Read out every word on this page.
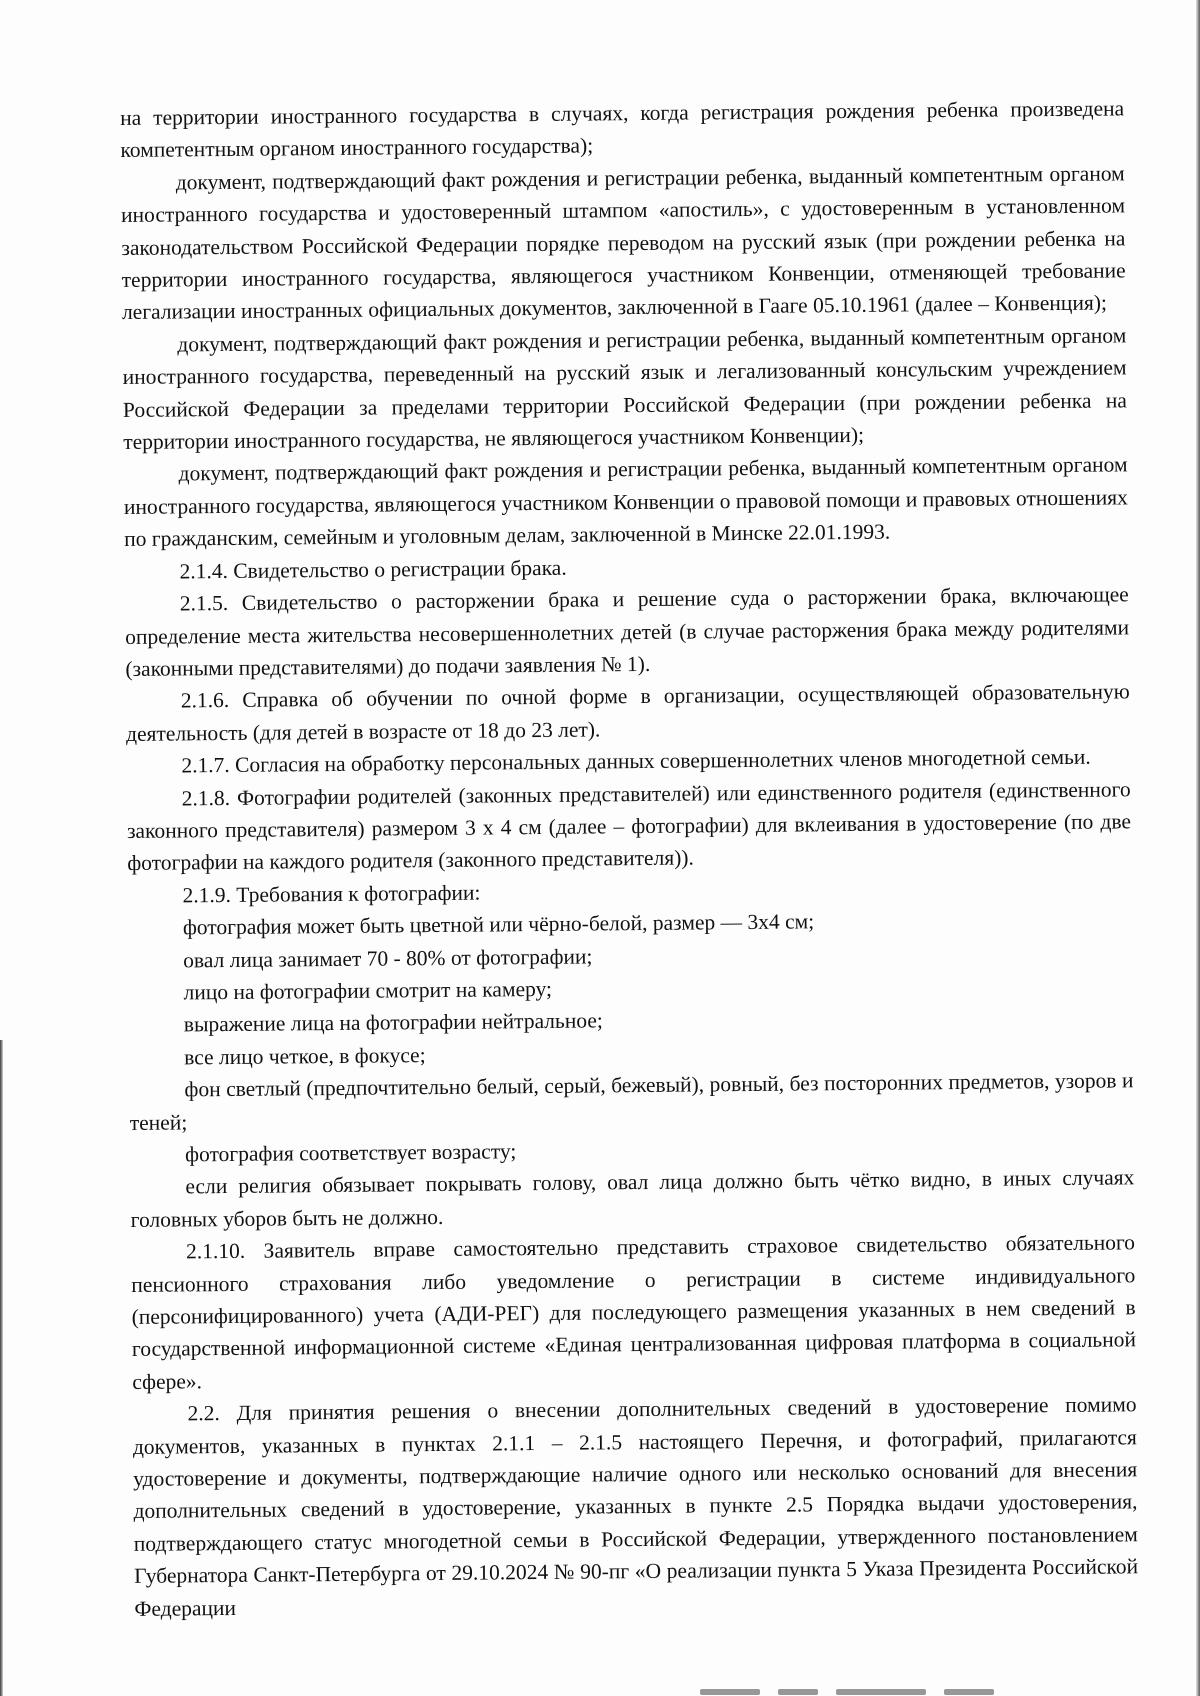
на территории иностранного государства в случаях, когда регистрация рождения ребенка произведена компетентным органом иностранного государства);

документ, подтверждающий факт рождения и регистрации ребенка, выданный компетентным органом иностранного государства и удостоверенный штампом «апостиль», с удостоверенным в установленном законодательством Российской Федерации порядке переводом на русский язык (при рождении ребенка на территории иностранного государства, являющегося участником Конвенции, отменяющей требование легализации иностранных официальных документов, заключенной в Гааге 05.10.1961 (далее – Конвенция);

документ, подтверждающий факт рождения и регистрации ребенка, выданный компетентным органом иностранного государства, переведенный на русский язык и легализованный консульским учреждением Российской Федерации за пределами территории Российской Федерации (при рождении ребенка на территории иностранного государства, не являющегося участником Конвенции);

документ, подтверждающий факт рождения и регистрации ребенка, выданный компетентным органом иностранного государства, являющегося участником Конвенции о правовой помощи и правовых отношениях по гражданским, семейным и уголовным делам, заключенной в Минске 22.01.1993.

2.1.4. Свидетельство о регистрации брака.

2.1.5. Свидетельство о расторжении брака и решение суда о расторжении брака, включающее определение места жительства несовершеннолетних детей (в случае расторжения брака между родителями (законными представителями) до подачи заявления № 1).

2.1.6. Справка об обучении по очной форме в организации, осуществляющей образовательную деятельность (для детей в возрасте от 18 до 23 лет).

2.1.7. Согласия на обработку персональных данных совершеннолетних членов многодетной семьи.

2.1.8. Фотографии родителей (законных представителей) или единственного родителя (единственного законного представителя) размером 3 х 4 см (далее – фотографии) для вклеивания в удостоверение (по две фотографии на каждого родителя (законного представителя)).

2.1.9. Требования к фотографии:

фотография может быть цветной или чёрно-белой, размер –– 3х4 см;

овал лица занимает 70 - 80% от фотографии;

лицо на фотографии смотрит на камеру;

выражение лица на фотографии нейтральное;

все лицо четкое, в фокусе;

фон светлый (предпочтительно белый, серый, бежевый), ровный, без посторонних предметов, узоров и теней;

фотография соответствует возрасту;

если религия обязывает покрывать голову, овал лица должно быть чётко видно, в иных случаях головных уборов быть не должно.

2.1.10. Заявитель вправе самостоятельно представить страховое свидетельство обязательного пенсионного страхования либо уведомление о регистрации в системе индивидуального (персонифицированного) учета (АДИ-РЕГ) для последующего размещения указанных в нем сведений в государственной информационной системе «Единая централизованная цифровая платформа в социальной сфере».

2.2. Для принятия решения о внесении дополнительных сведений в удостоверение помимо документов, указанных в пунктах 2.1.1 – 2.1.5 настоящего Перечня, и фотографий, прилагаются удостоверение и документы, подтверждающие наличие одного или несколько оснований для внесения дополнительных сведений в удостоверение, указанных в пункте 2.5 Порядка выдачи удостоверения, подтверждающего статус многодетной семьи в Российской Федерации, утвержденного постановлением Губернатора Санкт-Петербурга от 29.10.2024 № 90-пг «О реализации пункта 5 Указа Президента Российской Федерации
